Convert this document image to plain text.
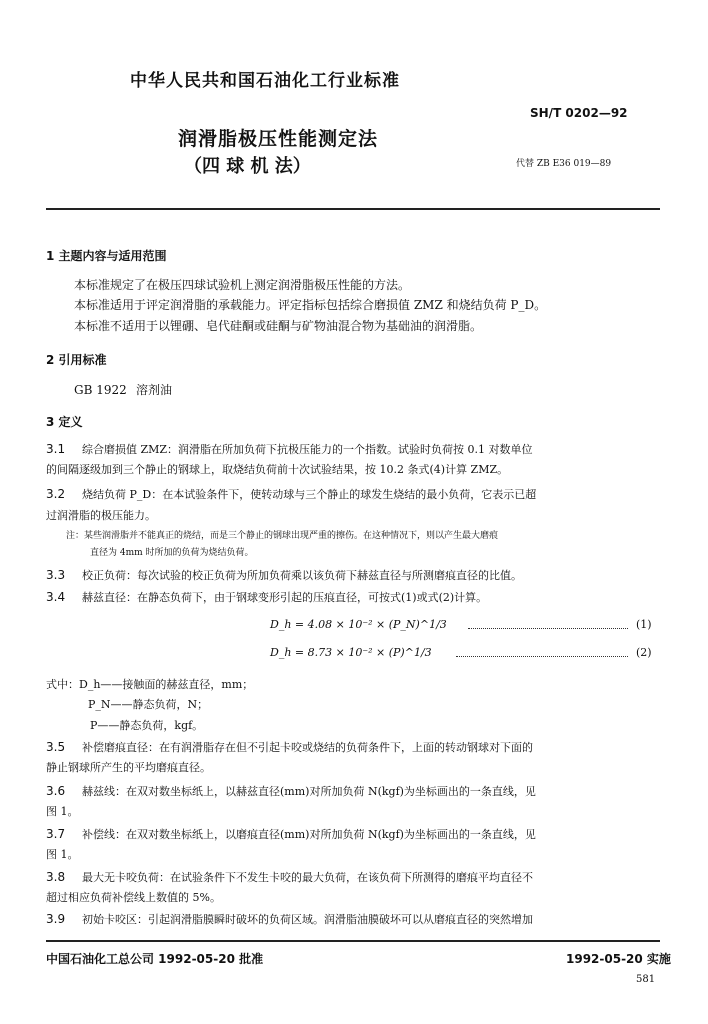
中华人民共和国石油化工行业标准
SH/T 0202—92
润滑脂极压性能测定法
（四 球 机 法）	代替 ZB E36 019—89
1 主题内容与适用范围
本标准规定了在极压四球试验机上测定润滑脂极压性能的方法。
本标准适用于评定润滑脂的承载能力。评定指标包括综合磨损值 ZMZ 和烧结负荷 P_D。
本标准不适用于以锂硼、皂代硅酮或硅酮与矿物油混合物为基础油的润滑脂。
2 引用标准
GB 1922 溶剂油
3 定义
3.1 综合磨损值 ZMZ：润滑脂在所加负荷下抗极压能力的一个指数。试验时负荷按 0.1 对数单位
的间隔逐级加到三个静止的钢球上，取烧结负荷前十次试验结果，按 10.2 条式(4)计算 ZMZ。
3.2 烧结负荷 P_D：在本试验条件下，使转动球与三个静止的球发生烧结的最小负荷，它表示已超
过润滑脂的极压能力。
注：某些润滑脂并不能真正的烧结，而是三个静止的钢球出现严重的擦伤。在这种情况下，则以产生最大磨痕
直径为 4mm 时所加的负荷为烧结负荷。
3.3 校正负荷：每次试验的校正负荷为所加负荷乘以该负荷下赫兹直径与所测磨痕直径的比值。
3.4 赫兹直径：在静态负荷下，由于钢球变形引起的压痕直径，可按式(1)或式(2)计算。
D_h = 4.08 × 10⁻² × (P_N)^1/3	(1)
D_h = 8.73 × 10⁻² × (P)^1/3	(2)
式中：D_h——接触面的赫兹直径，mm；
P_N——静态负荷，N；
P——静态负荷，kgf。
3.5 补偿磨痕直径：在有润滑脂存在但不引起卡咬或烧结的负荷条件下，上面的转动钢球对下面的
静止钢球所产生的平均磨痕直径。
3.6 赫兹线：在双对数坐标纸上，以赫兹直径(mm)对所加负荷 N(kgf)为坐标画出的一条直线，见
图 1。
3.7 补偿线：在双对数坐标纸上，以磨痕直径(mm)对所加负荷 N(kgf)为坐标画出的一条直线，见
图 1。
3.8 最大无卡咬负荷：在试验条件下不发生卡咬的最大负荷，在该负荷下所测得的磨痕平均直径不
超过相应负荷补偿线上数值的 5%。
3.9 初始卡咬区：引起润滑脂膜瞬时破坏的负荷区域。润滑脂油膜破坏可以从磨痕直径的突然增加
中国石油化工总公司 1992-05-20 批准	1992-05-20 实施
581
